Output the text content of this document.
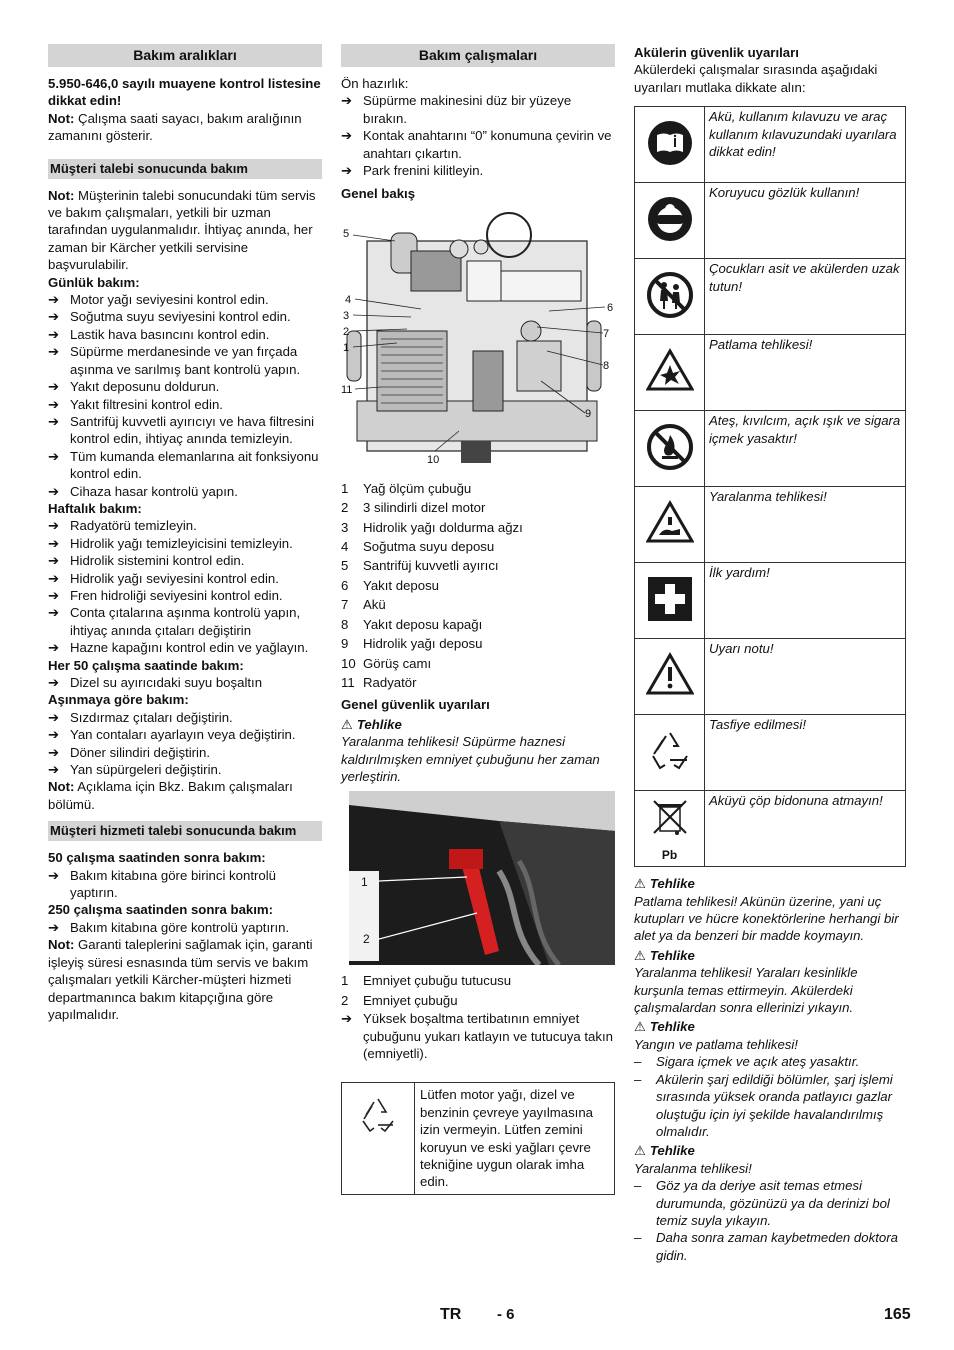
Bakım aralıkları

5.950-646,0 sayılı muayene kontrol listesine dikkat edin!

Not: Çalışma saati sayacı, bakım aralığının zamanını gösterir.

Müşteri talebi sonucunda bakım

Not: Müşterinin talebi sonucundaki tüm servis ve bakım çalışmaları, yetkili bir uzman tarafından uygulanmalıdır. İhtiyaç anında, her zaman bir Kärcher yetkili servisine başvurulabilir.

Günlük bakım:

➔ Motor yağı seviyesini kontrol edin.
➔ Soğutma suyu seviyesini kontrol edin.
➔ Lastik hava basıncını kontrol edin.
➔ Süpürme merdanesinde ve yan fırçada aşınma ve sarılmış bant kontrolü yapın.
➔ Yakıt deposunu doldurun.
➔ Yakıt filtresini kontrol edin.
➔ Santrifüj kuvvetli ayırıcıyı ve hava filtresini kontrol edin, ihtiyaç anında temizleyin.
➔ Tüm kumanda elemanlarına ait fonksiyonu kontrol edin.
➔ Cihaza hasar kontrolü yapın.

Haftalık bakım:

➔ Radyatörü temizleyin.
➔ Hidrolik yağı temizleyicisini temizleyin.
➔ Hidrolik sistemini kontrol edin.
➔ Hidrolik yağı seviyesini kontrol edin.
➔ Fren hidroliği seviyesini kontrol edin.
➔ Conta çıtalarına aşınma kontrolü yapın, ihtiyaç anında çıtaları değiştirin
➔ Hazne kapağını kontrol edin ve yağlayın.

Her 50 çalışma saatinde bakım:

➔ Dizel su ayırıcıdaki suyu boşaltın

Aşınmaya göre bakım:

➔ Sızdırmaz çıtaları değiştirin.
➔ Yan contaları ayarlayın veya değiştirin.
➔ Döner silindiri değiştirin.
➔ Yan süpürgeleri değiştirin.

Not: Açıklama için Bkz. Bakım çalışmaları bölümü.

Müşteri hizmeti talebi sonucunda bakım

50 çalışma saatinden sonra bakım:

➔ Bakım kitabına göre birinci kontrolü yaptırın.

250 çalışma saatinden sonra bakım:

➔ Bakım kitabına göre kontrolü yaptırın.

Not: Garanti taleplerini sağlamak için, garanti işleyiş süresi esnasında tüm servis ve bakım çalışmaları yetkili Kärcher-müşteri hizmeti departmanınca bakım kitapçığına göre yapılmalıdır.

Bakım çalışmaları

Ön hazırlık:

➔ Süpürme makinesini düz bir yüzeye bırakın.
➔ Kontak anahtarını “0” konumuna çevirin ve anahtarı çıkartın.
➔ Park frenini kilitleyin.

Genel bakış

5
4
3
2
1
11
10
9
8
7
6
1 Yağ ölçüm çubuğu
2 3 silindirli dizel motor
3 Hidrolik yağı doldurma ağzı
4 Soğutma suyu deposu
5 Santrifüj kuvvetli ayırıcı
6 Yakıt deposu
7 Akü
8 Yakıt deposu kapağı
9 Hidrolik yağı deposu
10 Görüş camı
11 Radyatör

Genel güvenlik uyarıları

⚠ Tehlike

Yaralanma tehlikesi! Süpürme haznesi kaldırılmışken emniyet çubuğunu her zaman yerleştirin.

1
2
1 Emniyet çubuğu tutucusu
2 Emniyet çubuğu
➔ Yüksek boşaltma tertibatının emniyet çubuğunu yukarı katlayın ve tutucuya takın (emniyetli).
Lütfen motor yağı, dizel ve benzinin çevreye yayılmasına izin vermeyin. Lütfen zemini koruyun ve eski yağları çevre tekniğine uygun olarak imha edin.

Akülerin güvenlik uyarıları

Akülerdeki çalışmalar sırasında aşağıdaki uyarıları mutlaka dikkate alın:

	Akü, kullanım kılavuzu ve araç kullanım kılavuzundaki uyarılara dikkat edin!
	Koruyucu gözlük kullanın!
	Çocukları asit ve akülerden uzak tutun!
	Patlama tehlikesi!
	Ateş, kıvılcım, açık ışık ve sigara içmek yasaktır!
	Yaralanma tehlikesi!
	İlk yardım!
	Uyarı notu!
	Tasfiye edilmesi!

Pb	Aküyü çöp bidonuna atmayın!

⚠ Tehlike

Patlama tehlikesi! Akünün üzerine, yani uç kutupları ve hücre konektörlerine herhangi bir alet ya da benzeri bir madde koymayın.

⚠ Tehlike

Yaralanma tehlikesi! Yaraları kesinlikle kurşunla temas ettirmeyin. Akülerdeki çalışmalardan sonra ellerinizi yıkayın.

⚠ Tehlike

Yangın ve patlama tehlikesi!

– Sigara içmek ve açık ateş yasaktır.
– Akülerin şarj edildiği bölümler, şarj işlemi sırasında yüksek oranda patlayıcı gazlar oluştuğu için iyi şekilde havalandırılmış olmalıdır.

⚠ Tehlike

Yaralanma tehlikesi!

– Göz ya da deriye asit temas etmesi durumunda, gözünüzü ya da derinizi bol temiz suyla yıkayın.
– Daha sonra zaman kaybetmeden doktora gidin.
TR - 6	165
